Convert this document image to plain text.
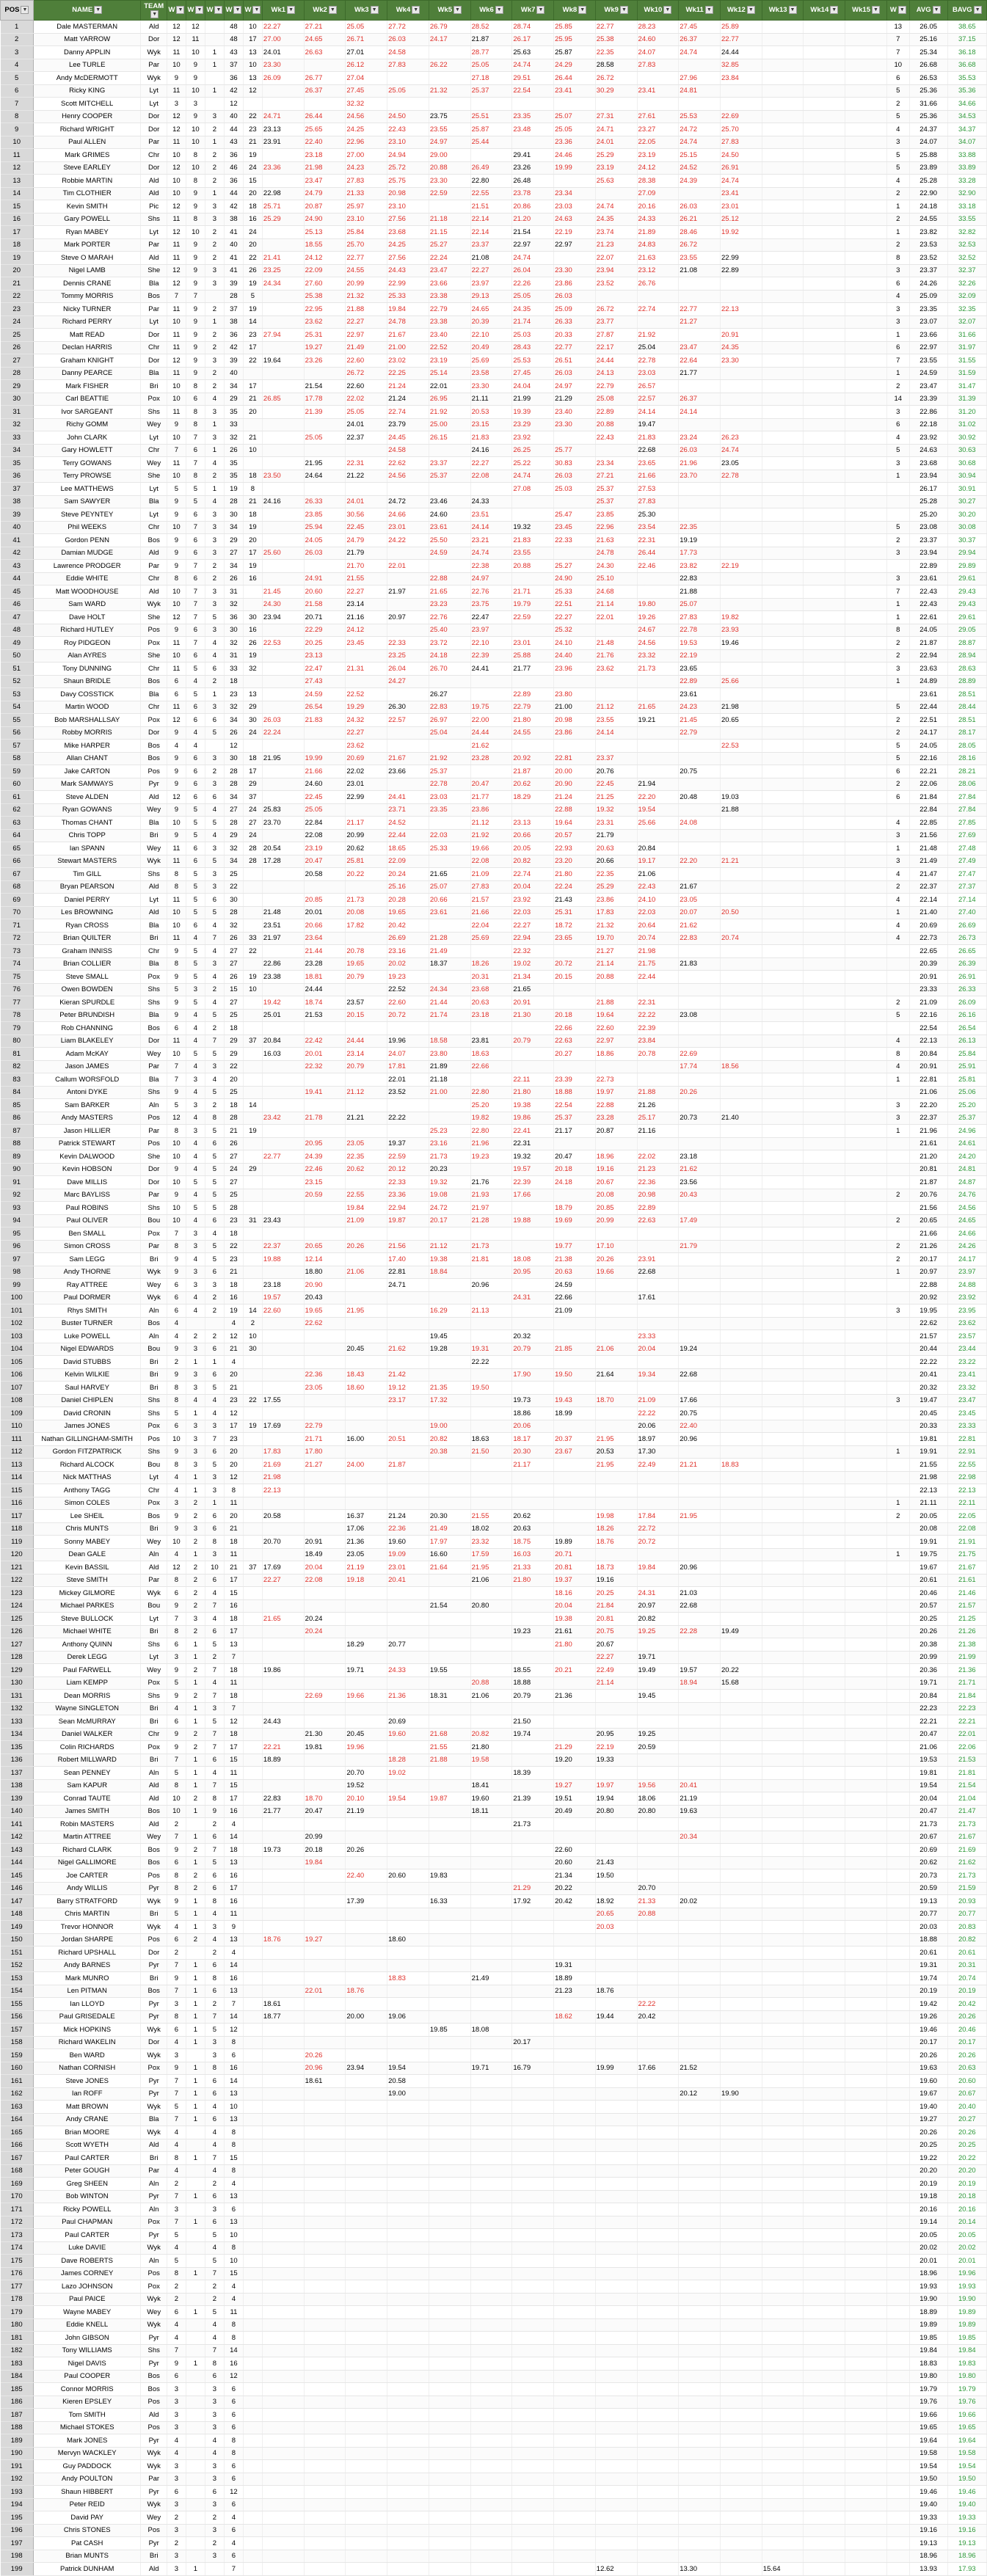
POS ▼	NAME ▼	TEAM▼	W ▼	W ▼	W ▼	W ▼	W ▼	Wk1 ▼	Wk2 ▼	Wk3 ▼	Wk4 ▼	Wk5 ▼	Wk6 ▼	Wk7 ▼	Wk8 ▼	Wk9 ▼	Wk10 ▼	Wk11 ▼	Wk12 ▼	Wk13 ▼	Wk14 ▼	Wk15 ▼	W ▼	AVG ▼	BAVG ▼
1	Dale MASTERMAN	Ald	12	12		48	10	22.27	27.21	25.05	27.72	26.79	28.52	28.74	25.85	22.77	28.23	27.45	25.89				13	26.05	38.65
2	Matt YARROW	Dor	12	11		48	17	27.00	24.65	26.71	26.03	24.17	21.87	26.17	25.95	25.38	24.60	26.37	22.77				7	25.16	37.15
3	Danny APPLIN	Wyk	11	10	1	43	13	24.01	26.63	27.01	24.58		28.77	25.63	25.87	22.35	24.07	24.74	24.44				7	25.34	36.18
4	Lee TURLE	Par	10	9	1	37	10	23.30		26.12	27.83	26.22	25.05	24.74	24.29	28.58	27.83		32.85				10	26.68	36.68
5	Andy McDERMOTT	Wyk	9	9		36	13	26.09	26.77	27.04			27.18	29.51	26.44	26.72		27.96	23.84				6	26.53	35.53
6	Ricky KING	Lyt	11	10	1	42	12		26.37	27.45	25.05	21.32	25.37	22.54	23.41	30.29	23.41	24.81					5	25.36	35.36
7	Scott MITCHELL	Lyt	3	3		12				32.32													2	31.66	34.66
8	Henry COOPER	Dor	12	9	3	40	22	24.71	26.44	24.56	24.50	23.75	25.51	23.35	25.07	27.31	27.61	25.53	22.69				5	25.36	34.53
9	Richard WRIGHT	Dor	12	10	2	44	23	23.13	25.65	24.25	22.43	23.55	25.87	23.48	25.05	24.71	23.27	24.72	25.70				4	24.37	34.37
10	Paul ALLEN	Par	11	10	1	43	21	23.91	22.40	22.96	23.10	24.97	25.44		23.36	24.01	22.05	24.74	27.83				3	24.07	34.07
11	Mark GRIMES	Chr	10	8	2	36	19		23.18	27.00	24.94	29.00		29.41	24.46	25.29	23.19	25.15	24.50				5	25.88	33.88
12	Steve EARLEY	Dor	12	10	2	46	24	23.36	21.98	24.23	25.72	20.88	26.49	23.26	19.99	23.19	24.12	24.52	26.91				5	23.89	33.89
13	Robbie MARTIN	Ald	10	8	2	36	15		23.47	27.83	25.75	23.30	22.80	26.48		25.63	28.38	24.39	24.74				4	25.28	33.28
14	Tim CLOTHIER	Ald	10	9	1	44	20	22.98	24.79	21.33	20.98	22.59	22.55	23.78	23.34		27.09		23.41				2	22.90	32.90
15	Kevin SMITH	Pic	12	9	3	42	18	25.71	20.87	25.97	23.10		21.51	20.86	23.03	24.74	20.16	26.03	23.01				1	24.18	33.18
16	Gary POWELL	Shs	11	8	3	38	16	25.29	24.90	23.10	27.56	21.18	22.14	21.20	24.63	24.35	24.33	26.21	25.12				2	24.55	33.55
17	Ryan MABEY	Lyt	12	10	2	41	24		25.13	25.84	23.68	21.15	22.14	21.54	22.19	23.74	21.89	28.46	19.92				1	23.82	32.82
18	Mark PORTER	Par	11	9	2	40	20		18.55	25.70	24.25	25.27	23.37	22.97	22.97	21.23	24.83	26.72					2	23.53	32.53
19	Steve O MARAH	Ald	11	9	2	41	22	21.41	24.12	22.77	27.56	22.24	21.08	24.74		22.07	21.63	23.55	22.99				8	23.52	32.52
20	Nigel LAMB	She	12	9	3	41	26	23.25	22.09	24.55	24.43	23.47	22.27	26.04	23.30	23.94	23.12	21.08	22.89				3	23.37	32.37
21	Dennis CRANE	Bla	12	9	3	39	19	24.34	27.60	20.99	22.99	23.66	23.97	22.26	23.86	23.52	26.76						6	24.26	32.26
22	Tommy MORRIS	Bos	7	7		28	5		25.38	21.32	25.33	23.38	29.13	25.05	26.03								4	25.09	32.09
23	Nicky TURNER	Par	11	9	2	37	19		22.95	21.88	19.84	22.79	24.65	24.35	25.09	26.72	22.74	22.77	22.13				3	23.35	32.35
24	Richard PERRY	Lyt	10	9	1	38	14		23.62	22.27	24.78	23.38	20.39	21.74	26.33	23.77		21.27					3	23.07	32.07
25	Matt READ	Dor	11	9	2	36	23	27.94	25.31	22.97	21.67	23.40	22.10	25.03	20.33	27.87	21.92		20.91				1	23.66	31.66
26	Declan HARRIS	Chr	11	9	2	42	17		19.27	21.49	21.00	22.52	20.49	28.43	22.77	22.17	25.04	23.47	24.35				6	22.97	31.97
27	Graham KNIGHT	Dor	12	9	3	39	22	19.64	23.26	22.60	23.02	23.19	25.69	25.53	26.51	24.44	22.78	22.64	23.30				7	23.55	31.55
28	Danny PEARCE	Bla	11	9	2	40				26.72	22.25	25.14	23.58	27.45	26.03	24.13	23.03	21.77					1	24.59	31.59
29	Mark FISHER	Bri	10	8	2	34	17		21.54	22.60	21.24	22.01	23.30	24.04	24.97	22.79	26.57						2	23.47	31.47
30	Carl BEATTIE	Pox	10	6	4	29	21	26.85	17.78	22.02	21.24	26.95	21.11	21.99	21.29	25.08	22.57	26.37					14	23.39	31.39
31	Ivor SARGEANT	Shs	11	8	3	35	20		21.39	25.05	22.74	21.92	20.53	19.39	23.40	22.89	24.14	24.14					3	22.86	31.20
32	Richy GOMM	Wey	9	8	1	33				24.01	23.79	25.00	23.15	23.29	23.30	20.88	19.47						6	22.18	31.02
33	John CLARK	Lyt	10	7	3	32	21		25.05	22.37	24.45	26.15	21.83	23.92		22.43	21.83	23.24	26.23				4	23.92	30.92
34	Gary HOWLETT	Chr	7	6	1	26	10				24.58		24.16	26.25	25.77		22.68	26.03	24.74				5	24.63	30.63
35	Terry GOWANS	Wey	11	7	4	35			21.95	22.31	22.62	23.37	22.27	25.22	30.83	23.34	23.65	21.96	23.05				3	23.68	30.68
36	Terry PROWSE	She	10	8	2	35	18	23.50	24.64	21.22	24.56	25.37	22.08	24.74	26.03	27.21	21.66	23.70	22.78				1	23.94	30.94
37	Lee MATTHEWS	Lyt	5	5	1	19	8							27.08	25.03	25.37	27.53							26.17	30.91
38	Sam SAWYER	Bla	9	5	4	28	21	24.16	26.33	24.01	24.72	23.46	24.33			25.37	27.83							25.28	30.27
39	Steve PEYNTEY	Lyt	9	6	3	30	18		23.85	30.56	24.66	24.60	23.51		25.47	23.85	25.30							25.20	30.20
40	Phil WEEKS	Chr	10	7	3	34	19		25.94	22.45	23.01	23.61	24.14	19.32	23.45	22.96	23.54	22.35					5	23.08	30.08
41	Gordon PENN	Bos	9	6	3	29	20		24.05	24.79	24.22	25.50	23.21	21.83	22.33	21.63	22.31	19.19					2	23.37	30.37
42	Damian MUDGE	Ald	9	6	3	27	17	25.60	26.03	21.79		24.59	24.74	23.55		24.78	26.44	17.73					3	23.94	29.94
43	Lawrence PRODGER	Par	9	7	2	34	19			21.70	22.01		22.38	20.88	25.27	24.30	22.46	23.82	22.19					22.89	29.89
44	Eddie WHITE	Chr	8	6	2	26	16		24.91	21.55		22.88	24.97		24.90	25.10		22.83					3	23.61	29.61
45	Matt WOODHOUSE	Ald	10	7	3	31		21.45	20.60	22.27	21.97	21.65	22.76	21.71	25.33	24.68		21.88					7	22.43	29.43
46	Sam WARD	Wyk	10	7	3	32		24.30	21.58	23.14		23.23	23.75	19.79	22.51	21.14	19.80	25.07					1	22.43	29.43
47	Dave HOLT	She	12	7	5	36	30	23.94	20.71	21.16	20.97	22.76	22.47	22.59	22.27	22.01	19.26	27.83	19.82				1	22.61	29.61
48	Richard HUTLEY	Pos	9	6	3	30	16		22.29	24.12		25.40	23.97		25.32		24.67	22.78	23.93				8	24.05	29.05
49	Roy PIDGEON	Pox	11	7	4	32	26	22.53	20.25	23.45	22.33	23.72	22.10	23.01	24.10	21.48	24.56	19.53	19.46				2	21.87	28.87
50	Alan AYRES	She	10	6	4	31	19		23.13		23.25	24.18	22.39	25.88	24.40	21.76	23.32	22.19					2	22.94	28.94
51	Tony DUNNING	Chr	11	5	6	33	32		22.47	21.31	26.04	26.70	24.41	21.77	23.96	23.62	21.73	23.65					3	23.63	28.63
52	Shaun BRIDLE	Bos	6	4	2	18			27.43		24.27							22.89	25.66				1	24.89	28.89
53	Davy COSSTICK	Bla	6	5	1	23	13		24.59	22.52		26.27		22.89	23.80			23.61						23.61	28.51
54	Martin WOOD	Chr	11	6	3	32	29		26.54	19.29	26.30	22.83	19.75	22.79	21.00	21.12	21.65	24.23	21.98				5	22.44	28.44
55	Bob MARSHALLSAY	Pox	12	6	6	34	30	26.03	21.83	24.32	22.57	26.97	22.00	21.80	20.98	23.55	19.21	21.45	20.65				2	22.51	28.51
56	Robby MORRIS	Dor	9	4	5	26	24	22.24		22.27		25.04	24.44	24.55	23.86	24.14		22.79					2	24.17	28.17
57	Mike HARPER	Bos	4	4		12				23.62			21.62						22.53				5	24.05	28.05
58	Allan CHANT	Bos	9	6	3	30	18	21.95	19.99	20.69	21.67	21.92	23.28	20.92	22.81	23.37							5	22.16	28.16
59	Jake CARTON	Pos	9	6	2	28	17		21.66	22.02	23.66	25.37		21.87	20.00	20.76		20.75					6	22.21	28.21
60	Mark SAMWAYS	Pyr	9	6	3	28	29		24.60	23.01		22.78	20.47	20.62	20.90	22.45	21.94						2	22.06	28.06
61	Steve ALDEN	Ald	12	6	6	34	37		22.45	22.99	24.41	23.03	21.77	18.29	21.24	21.25	22.20	20.48	19.03				6	21.84	27.84
62	Ryan GOWANS	Wey	9	5	4	27	24	25.83	25.05		23.71	23.35	23.86		22.88	19.32	19.54		21.88					22.84	27.84
63	Thomas CHANT	Bla	10	5	5	28	27	23.70	22.84	21.17	24.52		21.12	23.13	19.64	23.31	25.66	24.08					4	22.85	27.85
64	Chris TOPP	Bri	9	5	4	29	24		22.08	20.99	22.44	22.03	21.92	20.66	20.57	21.79							3	21.56	27.69
65	Ian SPANN	Wey	11	6	3	32	28	20.54	23.19	20.62	18.65	25.33	19.66	20.05	22.93	20.63	20.84						1	21.48	27.48
66	Stewart MASTERS	Wyk	11	6	5	34	28	17.28	20.47	25.81	22.09		22.08	20.82	23.20	20.66	19.17	22.20	21.21				3	21.49	27.49
67	Tim GILL	Shs	8	5	3	25			20.58	20.22	20.24	21.65	21.09	22.74	21.80	22.35	21.06						4	21.47	27.47
68	Bryan PEARSON	Ald	8	5	3	22					25.16	25.07	27.83	20.04	22.24	25.29	22.43	21.67					2	22.37	27.37
69	Daniel PERRY	Lyt	11	5	6	30			20.85	21.73	20.28	20.66	21.57	23.92	21.43	23.86	24.10	23.05					4	22.14	27.14
70	Les BROWNING	Ald	10	5	5	28		21.48	20.01	20.08	19.65	23.61	21.66	22.03	25.31	17.83	22.03	20.07	20.50				1	21.40	27.40
71	Ryan CROSS	Bla	10	6	4	32		23.51	20.66	17.82	20.42		22.04	22.27	18.72	21.32	20.64	21.62					4	20.69	26.69
72	Brian QUILTER	Bri	11	4	7	26	33	21.97	23.64		26.69	21.28	25.69	22.94	23.65	19.70	20.74	22.83	20.74				4	22.73	26.73
73	Graham INNISS	Chr	9	5	4	27	22		21.44	20.78	23.16	21.49		22.32		21.27	21.98							22.65	26.65
74	Brian COLLIER	Bla	8	5	3	27		22.86	23.28	19.65	20.02	18.37	18.26	19.02	20.72	21.14	21.75	21.83						20.39	26.39
75	Steve SMALL	Pox	9	5	4	26	19	23.38	18.81	20.79	19.23		20.31	21.34	20.15	20.88	22.44							20.91	26.91
76	Owen BOWDEN	Shs	5	3	2	15	10		24.44		22.52	24.34	23.68	21.65										23.33	26.33
77	Kieran SPURDLE	Shs	9	5	4	27		19.42	18.74	23.57	22.60	21.44	20.63	20.91		21.88	22.31						2	21.09	26.09
78	Peter BRUNDISH	Bla	9	4	5	25		25.01	21.53	20.15	20.72	21.74	23.18	21.30	20.18	19.64	22.22	23.08					5	22.16	26.16
79	Rob CHANNING	Bos	6	4	2	18									22.66	22.60	22.39							22.54	26.54
80	Liam BLAKELEY	Dor	11	4	7	29	37	20.84	22.42	24.44	19.96	18.58	23.81	20.79	22.63	22.97	23.84						4	22.13	26.13
81	Adam McKAY	Wey	10	5	5	29		16.03	20.01	23.14	24.07	23.80	18.63		20.27	18.86	20.78	22.69					8	20.84	25.84
82	Jason JAMES	Par	7	4	3	22			22.32	20.79	17.81	21.89	22.66					17.74	18.56				4	20.91	25.91
83	Callum WORSFOLD	Bla	7	3	4	20					22.01	21.18		22.11	23.39	22.73							1	22.81	25.81
84	Antoni DYKE	Shs	9	4	5	25			19.41	21.12	23.52	21.00	22.80	21.80	18.88	19.97	21.88	20.26						21.06	25.06
85	Sam BARKER	Aln	5	3	2	18	14						25.20	19.38	22.54	22.88	21.26						3	22.20	25.20
86	Andy MASTERS	Pos	12	4	8	28		23.42	21.78	21.21	22.22		19.82	19.86	25.37	23.28	25.17	20.73	21.40				3	22.37	25.37
87	Jason HILLIER	Par	8	3	5	21	19					25.23	22.80	22.41	21.17	20.87	21.16						1	21.96	24.96
88	Patrick STEWART	Pos	10	4	6	26			20.95	23.05	19.37	23.16	21.96	22.31										21.61	24.61
89	Kevin DALWOOD	She	10	4	5	27		22.77	24.39	22.35	22.59	21.73	19.23	19.32	20.47	18.96	22.02	23.18						21.20	24.20
90	Kevin HOBSON	Dor	9	4	5	24	29		22.46	20.62	20.12	20.23		19.57	20.18	19.16	21.23	21.62						20.81	24.81
91	Dave MILLIS	Dor	10	5	5	27			23.15		22.33	19.32	21.76	22.39	24.18	20.67	22.36	23.56						21.87	24.87
92	Marc BAYLISS	Par	9	4	5	25			20.59	22.55	23.36	19.08	21.93	17.66		20.08	20.98	20.43					2	20.76	24.76
93	Paul ROBINS	Shs	10	5	5	28				19.84	22.94	24.72	21.97		18.79	20.85	22.89							21.56	24.56
94	Paul OLIVER	Bou	10	4	6	23	31	23.43		21.09	19.87	20.17	21.28	19.88	19.69	20.99	22.63	17.49					2	20.65	24.65
95	Ben SMALL	Pox	7	3	4	18																		21.66	24.66
96	Simon CROSS	Par	8	3	5	22		22.37	20.65	20.26	21.56	21.12	21.73		19.77	17.10		21.79					2	21.26	24.26
97	Sam LEGG	Bri	9	4	5	23		19.88	12.14		17.40	19.38	21.81	18.08	21.38	20.26	23.91						2	20.17	24.17
98	Andy THORNE	Wyk	9	3	6	21			18.80	21.06	22.81	18.84		20.95	20.63	19.66	22.68						1	20.97	23.97
99	Ray ATTREE	Wey	6	3	3	18		23.18	20.90		24.71		20.96		24.59									22.88	24.88
100	Paul DORMER	Wyk	6	4	2	16		19.57	20.43					24.31	22.66		17.61							20.92	23.92
101	Rhys SMITH	Aln	6	4	2	19	14	22.60	19.65	21.95		16.29	21.13		21.09								3	19.95	23.95
102	Buster TURNER	Bos	4			4	2		22.62															22.62	23.62
103	Luke POWELL	Aln	4	2	2	12	10					19.45		20.32			23.33							21.57	23.57
104	Nigel EDWARDS	Bou	9	3	6	21	30			20.45	21.62	19.28	19.31	20.79	21.85	21.06	20.04	19.24						20.44	23.44
105	David STUBBS	Bri	2	1	1	4							22.22											22.22	23.22
106	Kelvin WILKIE	Bri	9	3	6	20			22.36	18.43	21.42			17.90	19.50	21.64	19.34	22.68						20.41	23.41
107	Saul HARVEY	Bri	8	3	5	21			23.05	18.60	19.12	21.35	19.50											20.32	23.32
108	Daniel CHIPLEN	Shs	8	4	4	23	22	17.55			23.17	17.32		19.73	19.43	18.70	21.09	17.66					3	19.47	23.47
109	David CRONIN	Shs	5	1	4	12								18.86	18.99		22.22	20.75						20.45	23.45
110	James JONES	Pox	6	3	3	17	19	17.69	22.79			19.00		20.06			20.06	22.40						20.33	23.33
111	Nathan GILLINGHAM-SMITH	Pos	10	3	7	23			21.71	16.00	20.51	20.82	18.63	18.17	20.37	21.95	18.97	20.96						19.81	22.81
112	Gordon FITZPATRICK	Shs	9	3	6	20		17.83	17.80			20.38	21.50	20.30	23.67	20.53	17.30						1	19.91	22.91
113	Richard ALCOCK	Bou	8	3	5	20		21.69	21.27	24.00	21.87			21.17		21.95	22.49	21.21	18.83					21.55	22.55
114	Nick MATTHAS	Lyt	4	1	3	12		21.98																21.98	22.98
115	Anthony TAGG	Chr	4	1	3	8		22.13																22.13	22.13
116	Simon COLES	Pox	3	2	1	11																	1	21.11	22.11
117	Lee SHEIL	Bos	9	2	6	20		20.58		16.37	21.24	20.30	21.55	20.62		19.98	17.84	21.95					2	20.05	22.05
118	Chris MUNTS	Bri	9	3	6	21				17.06	22.36	21.49	18.02	20.63		18.26	22.72							20.08	22.08
119	Sonny MABEY	Wey	10	2	8	18		20.70	20.91	21.36	19.60	17.97	23.32	18.75	19.89	18.76	20.72							19.91	21.91
120	Dean GALE	Aln	4	1	3	11			18.49	23.05	19.09	16.60	17.59	16.03	20.71								1	19.75	21.75
121	Kevin BASSIL	Ald	12	2	10	21	37	17.69	20.04	21.19	23.01	21.64	21.95	21.33	20.81	18.73	19.84	20.96						19.67	21.67
122	Steve SMITH	Par	8	2	6	17		22.27	22.08	19.18	20.41		21.06	21.80	19.37	19.16								20.61	21.61
123	Mickey GILMORE	Wyk	6	2	4	15									18.16	20.25	24.31	21.03						20.46	21.46
124	Michael PARKES	Bou	9	2	7	16						21.54	20.80		20.04	21.84	20.97	22.68						20.57	21.57
125	Steve BULLOCK	Lyt	7	3	4	18		21.65	20.24						19.38	20.81	20.82							20.25	21.25
126	Michael WHITE	Bri	8	2	6	17			20.24					19.23	21.61	20.75	19.25	22.28	19.49					20.26	21.26
127	Anthony QUINN	Shs	6	1	5	13				18.29	20.77				21.80	20.67								20.38	21.38
128	Derek LEGG	Lyt	3	1	2	7										22.27	19.71							20.99	21.99
129	Paul FARWELL	Wey	9	2	7	18		19.86		19.71	24.33	19.55		18.55	20.21	22.49	19.49	19.57	20.22					20.36	21.36
130	Liam KEMPP	Pox	5	1	4	11							20.88	18.88		21.14		18.94	15.68					19.71	21.71
131	Dean MORRIS	Shs	9	2	7	18			22.69	19.66	21.36	18.31	21.06	20.79	21.36		19.45							20.84	21.84
132	Wayne SINGLETON	Bri	4	1	3	7																		22.23	22.23
133	Sean McMURRAY	Bri	6	1	5	12		24.43			20.69			21.50										22.21	22.21
134	Daniel WALKER	Chr	9	2	7	18			21.30	20.45	19.60	21.68	20.82	19.74		20.95	19.25							20.47	22.01
135	Colin RICHARDS	Pox	9	2	7	17		22.21	19.81	19.96		21.55	21.80		21.29	22.19	20.59							21.06	22.06
136	Robert MILLWARD	Bri	7	1	6	15		18.89			18.28	21.88	19.58		19.20	19.33								19.53	21.53
137	Sean PENNEY	Aln	5	1	4	11				20.70	19.02			18.39										19.81	21.81
138	Sam KAPUR	Ald	8	1	7	15				19.52			18.41		19.27	19.97	19.56	20.41						19.54	21.54
139	Conrad TAUTE	Ald	10	2	8	17		22.83	18.70	20.10	19.54	19.87	19.60	21.39	19.51	19.94	18.06	21.19						20.04	21.04
140	James SMITH	Bos	10	1	9	16		21.77	20.47	21.19			18.11		20.49	20.80	20.80	19.63						20.47	21.47
141	Robin MASTERS	Ald	2		2	4								21.73										21.73	21.73
142	Martin ATTREE	Wey	7	1	6	14			20.99									20.34						20.67	21.67
143	Richard CLARK	Bos	9	2	7	18		19.73	20.18	20.26					22.60									20.69	21.69
144	Nigel GALLIMORE	Bos	6	1	5	13			19.84						20.60	21.43								20.62	21.62
145	Joe CARTER	Pos	8	2	6	16				22.40	20.60	19.83			21.34	19.50								20.73	21.73
146	Andy WILLIS	Pyr	8	2	6	17								21.29	20.22		20.70							20.59	21.59
147	Barry STRATFORD	Wyk	9	1	8	16				17.39		16.33		17.92	20.42	18.92	21.33	20.02						19.13	20.93
148	Chris MARTIN	Bri	5	1	4	11										20.65	20.88							20.77	20.77
149	Trevor HONNOR	Wyk	4	1	3	9										20.03								20.03	20.83
150	Jordan SHARPE	Pos	6	2	4	13		18.76	19.27		18.60													18.88	20.82
151	Richard UPSHALL	Dor	2		2	4																		20.61	20.61
152	Andy BARNES	Pyr	7	1	6	14									19.31									19.31	20.31
153	Mark MUNRO	Bri	9	1	8	16					18.83		21.49		18.89									19.74	20.74
154	Len PITMAN	Bos	7	1	6	13			22.01	18.76					21.23	18.76								20.19	20.19
155	Ian LLOYD	Pyr	3	1	2	7		18.61									22.22							19.42	20.42
156	Paul GRISEDALE	Pyr	8	1	7	14		18.77		20.00	19.06				18.62	19.44	20.42							19.26	20.26
157	Mick HOPKINS	Wyk	6	1	5	12						19.85	18.08											19.46	20.46
158	Richard WAKELIN	Dor	4	1	3	8								20.17										20.17	20.17
159	Ben WARD	Wyk	3		3	6			20.26															20.26	20.26
160	Nathan CORNISH	Pox	9	1	8	16			20.96	23.94	19.54		19.71	16.79		19.99	17.66	21.52						19.63	20.63
161	Steve JONES	Pyr	7	1	6	14			18.61		20.58													19.60	20.60
162	Ian ROFF	Pyr	7	1	6	13					19.00							20.12	19.90					19.67	20.67
163	Matt BROWN	Wyk	5	1	4	10																		19.40	20.40
164	Andy CRANE	Bla	7	1	6	13																		19.27	20.27
165	Brian MOORE	Wyk	4		4	8																		20.26	20.26
166	Scott WYETH	Ald	4		4	8																		20.25	20.25
167	Paul CARTER	Bri	8	1	7	15																		19.22	20.22
168	Peter GOUGH	Par	4		4	8																		20.20	20.20
169	Greg SHEEN	Aln	2		2	4																		20.19	20.19
170	Bob WINTON	Pyr	7	1	6	13																		19.18	20.18
171	Ricky POWELL	Aln	3		3	6																		20.16	20.16
172	Paul CHAPMAN	Pox	7	1	6	13																		19.14	20.14
173	Paul CARTER	Pyr	5		5	10																		20.05	20.05
174	Luke DAVIE	Wyk	4		4	8																		20.02	20.02
175	Dave ROBERTS	Aln	5		5	10																		20.01	20.01
176	James CORNEY	Pos	8	1	7	15																		18.96	19.96
177	Lazo JOHNSON	Pox	2		2	4																		19.93	19.93
178	Paul PAICE	Wyk	2		2	4																		19.90	19.90
179	Wayne MABEY	Wey	6	1	5	11																		18.89	19.89
180	Eddie KNELL	Wyk	4		4	8																		19.89	19.89
181	John GIBSON	Pyr	4		4	8																		19.85	19.85
182	Tony WILLIAMS	Shs	7		7	14																		19.84	19.84
183	Nigel DAVIS	Pyr	9	1	8	16																		18.83	19.83
184	Paul COOPER	Bos	6		6	12																		19.80	19.80
185	Connor MORRIS	Bos	3		3	6																		19.79	19.79
186	Kieren EPSLEY	Pos	3		3	6																		19.76	19.76
187	Tom SMITH	Ald	3		3	6																		19.66	19.66
188	Michael STOKES	Pos	3		3	6																		19.65	19.65
189	Mark JONES	Pyr	4		4	8																		19.64	19.64
190	Mervyn WACKLEY	Wyk	4		4	8																		19.58	19.58
191	Guy PADDOCK	Wyk	3		3	6																		19.54	19.54
192	Andy POULTON	Par	3		3	6																		19.50	19.50
193	Shaun HIBBERT	Pyr	6		6	12																		19.46	19.46
194	Peter REID	Wyk	3		3	6																		19.40	19.40
195	David PAY	Wey	2		2	4																		19.33	19.33
196	Chris STONES	Pos	3		3	6																		19.16	19.16
197	Pat CASH	Pyr	2		2	4																		19.13	19.13
198	Brian MUNTS	Bri	3		3	6																		18.96	18.96
199	Patrick DUNHAM	Ald	3	1		7										12.62		13.30		15.64				13.93	17.93
